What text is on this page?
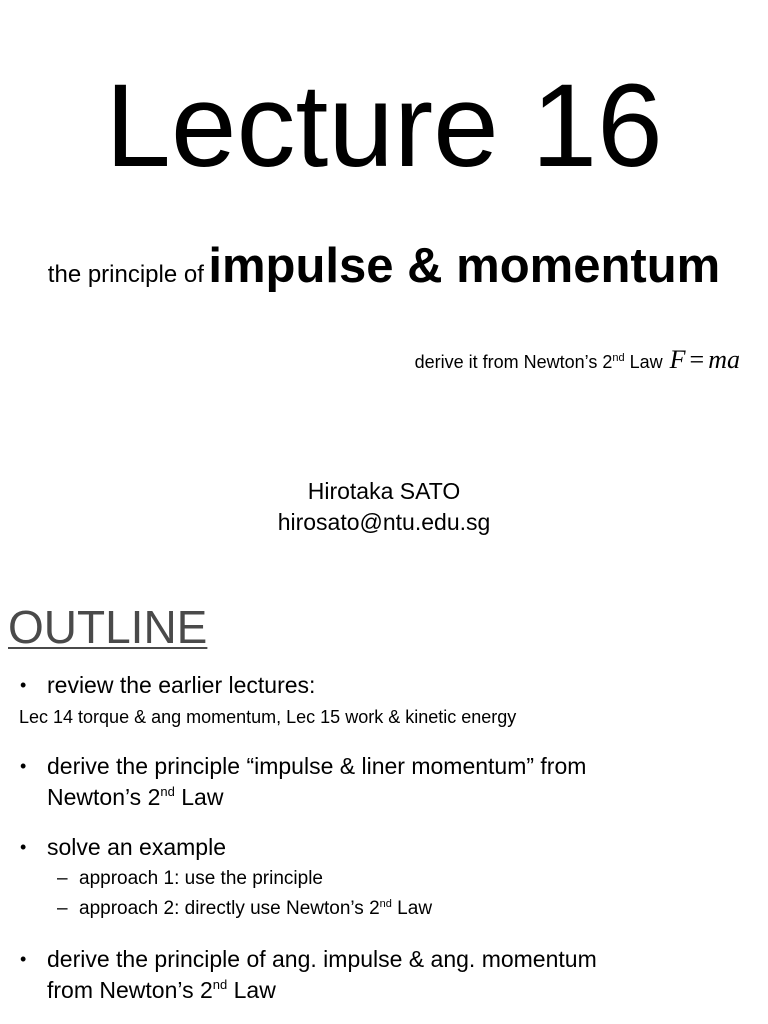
Lecture 16
the principle of impulse & momentum
derive it from Newton’s 2nd Law F = ma
Hirotaka SATO
hirosato@ntu.edu.sg
OUTLINE
• review the earlier lectures:
Lec 14 torque & ang momentum, Lec 15 work & kinetic energy
• derive the principle “impulse & liner momentum” from
Newton’s 2nd Law
• solve an example
– approach 1: use the principle
– approach 2: directly use Newton’s 2nd Law
• derive the principle of ang. impulse & ang. momentum
from Newton’s 2nd Law
